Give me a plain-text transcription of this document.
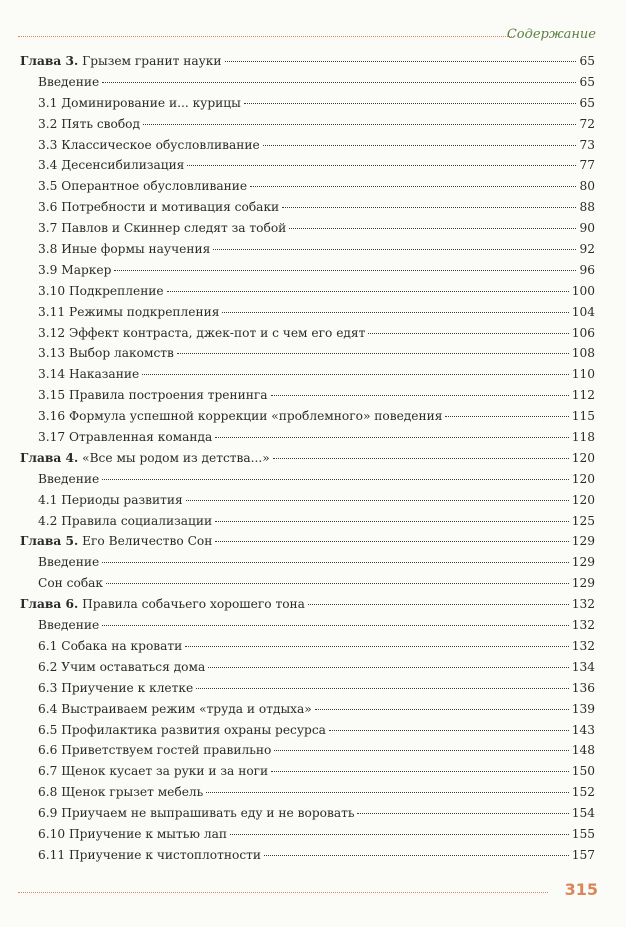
Содержание
Глава 3. Грызем гранит науки	65
Введение	65
3.1 Доминирование и... курицы	65
3.2 Пять свобод	72
3.3 Классическое обусловливание	73
3.4 Десенсибилизация	77
3.5 Оперантное обусловливание	80
3.6 Потребности и мотивация собаки	88
3.7 Павлов и Скиннер следят за тобой	90
3.8 Иные формы научения	92
3.9 Маркер	96
3.10 Подкрепление	100
3.11 Режимы подкрепления	104
3.12 Эффект контраста, джек-пот и с чем его едят	106
3.13 Выбор лакомств	108
3.14 Наказание	110
3.15 Правила построения тренинга	112
3.16 Формула успешной коррекции «проблемного» поведения	115
3.17 Отравленная команда	118
Глава 4. «Все мы родом из детства...»	120
Введение	120
4.1 Периоды развития	120
4.2 Правила социализации	125
Глава 5. Его Величество Сон	129
Введение	129
Сон собак	129
Глава 6. Правила собачьего хорошего тона	132
Введение	132
6.1 Собака на кровати	132
6.2 Учим оставаться дома	134
6.3 Приучение к клетке	136
6.4 Выстраиваем режим «труда и отдыха»	139
6.5 Профилактика развития охраны ресурса	143
6.6 Приветствуем гостей правильно	148
6.7 Щенок кусает за руки и за ноги	150
6.8 Щенок грызет мебель	152
6.9 Приучаем не выпрашивать еду и не воровать	154
6.10 Приучение к мытью лап	155
6.11 Приучение к чистоплотности	157
315
